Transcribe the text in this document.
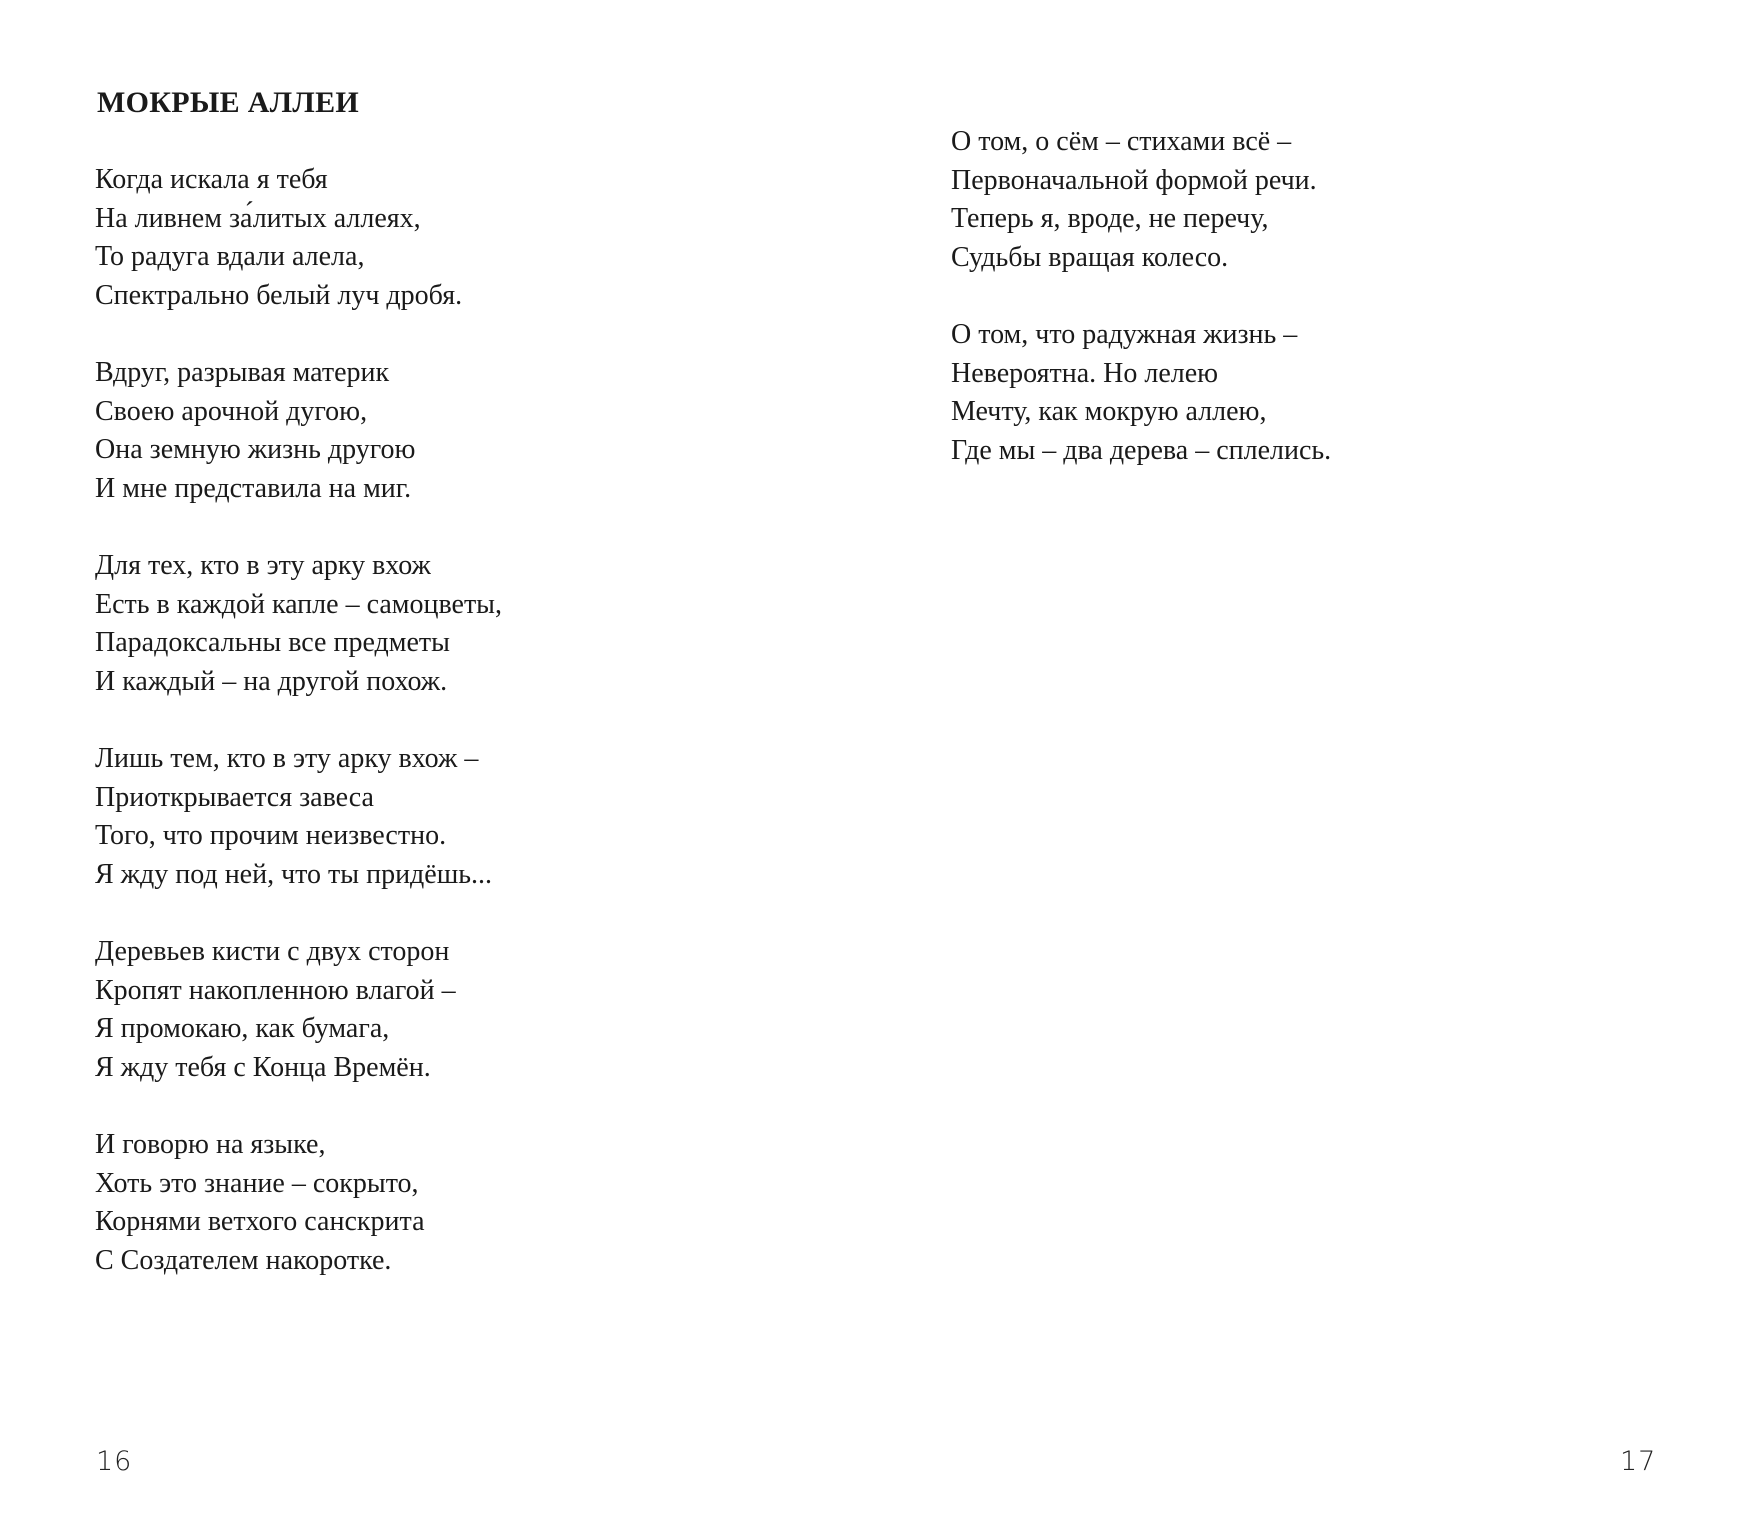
МОКРЫЕ АЛЛЕИ
Когда искала я тебя
На ливнем за́литых аллеях,
То радуга вдали алела,
Спектрально белый луч дробя.
Вдруг, разрывая материк
Своею арочной дугою,
Она земную жизнь другою
И мне представила на миг.
Для тех, кто в эту арку вхож
Есть в каждой капле – самоцветы,
Парадоксальны все предметы
И каждый – на другой похож.
Лишь тем, кто в эту арку вхож –
Приоткрывается завеса
Того, что прочим неизвестно.
Я жду под ней, что ты придёшь...
Деревьев кисти с двух сторон
Кропят накопленною влагой –
Я промокаю, как бумага,
Я жду тебя с Конца Времён.
И говорю на языке,
Хоть это знание – сокрыто,
Корнями ветхого санскрита
С Создателем накоротке.
16
О том, о сём – стихами всё –
Первоначальной формой речи.
Теперь я, вроде, не перечу,
Судьбы вращая колесо.
О том, что радужная жизнь –
Невероятна. Но лелею
Мечту, как мокрую аллею,
Где мы – два дерева – сплелись.
17
